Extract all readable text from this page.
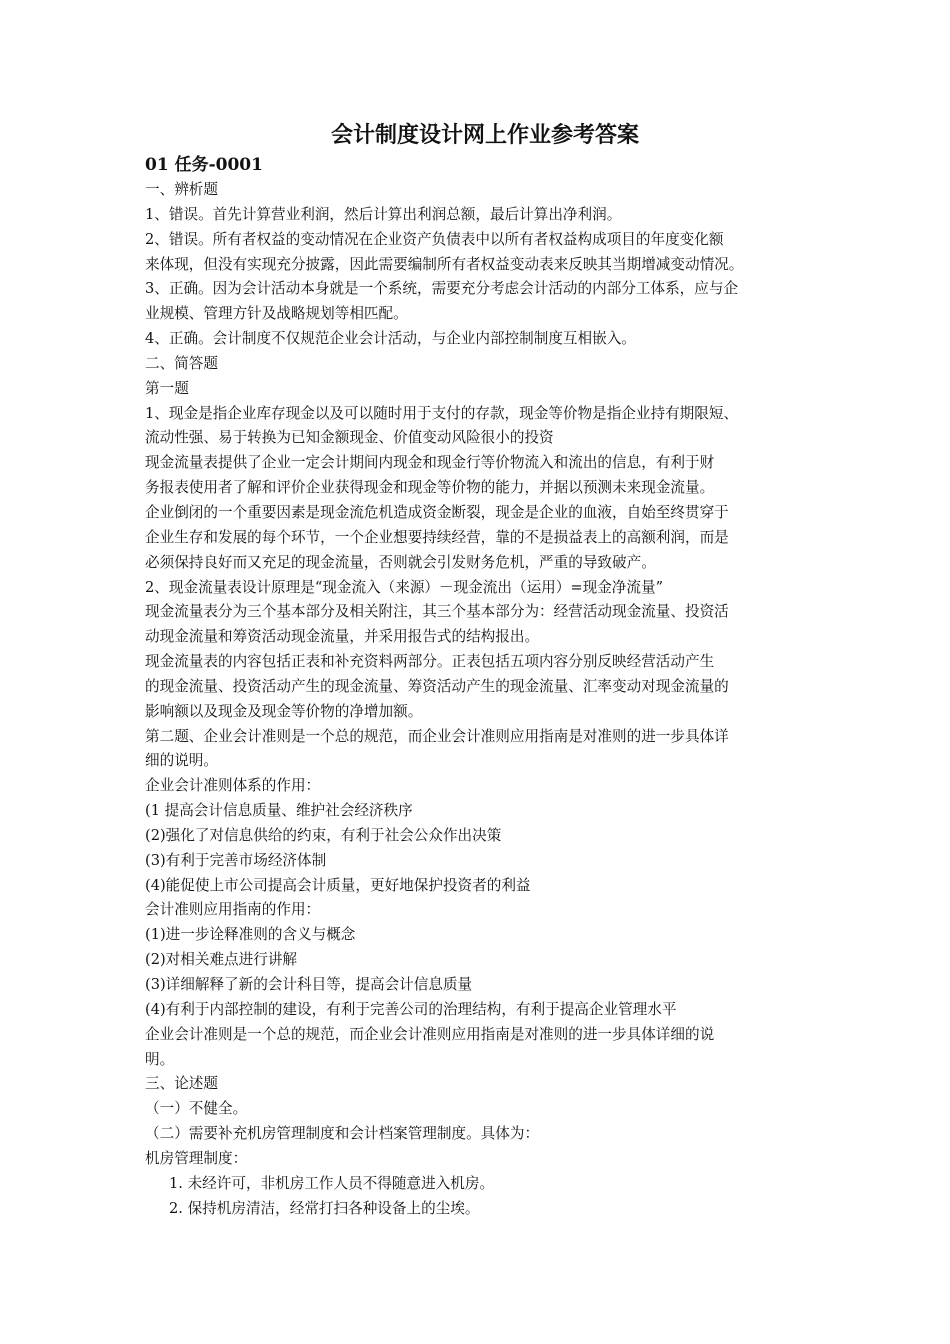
会计制度设计网上作业参考答案

01 任务-0001

一、辨析题

1、错误。首先计算营业利润，然后计算出利润总额，最后计算出净利润。

2、错误。所有者权益的变动情况在企业资产负债表中以所有者权益构成项目的年度变化额

来体现，但没有实现充分披露，因此需要编制所有者权益变动表来反映其当期增减变动情况。

3、正确。因为会计活动本身就是一个系统，需要充分考虑会计活动的内部分工体系，应与企

业规模、管理方针及战略规划等相匹配。

4、正确。会计制度不仅规范企业会计活动，与企业内部控制制度互相嵌入。

二、简答题

第一题

1、现金是指企业库存现金以及可以随时用于支付的存款，现金等价物是指企业持有期限短、

流动性强、易于转换为已知金额现金、价值变动风险很小的投资

现金流量表提供了企业一定会计期间内现金和现金行等价物流入和流出的信息，有利于财

务报表使用者了解和评价企业获得现金和现金等价物的能力，并据以预测未来现金流量。

企业倒闭的一个重要因素是现金流危机造成资金断裂，现金是企业的血液，自始至终贯穿于

企业生存和发展的每个环节，一个企业想要持续经营，靠的不是损益表上的高额利润，而是

必须保持良好而又充足的现金流量，否则就会引发财务危机，严重的导致破产。

2、现金流量表设计原理是“现金流入（来源）－现金流出（运用）=现金净流量”

现金流量表分为三个基本部分及相关附注，其三个基本部分为：经营活动现金流量、投资活

动现金流量和筹资活动现金流量，并采用报告式的结构报出。

现金流量表的内容包括正表和补充资料两部分。正表包括五项内容分别反映经营活动产生

的现金流量、投资活动产生的现金流量、筹资活动产生的现金流量、汇率变动对现金流量的

影响额以及现金及现金等价物的净增加额。

第二题、企业会计准则是一个总的规范，而企业会计准则应用指南是对准则的进一步具体详

细的说明。

企业会计准则体系的作用：

(1 提高会计信息质量、维护社会经济秩序

(2)强化了对信息供给的约束，有利于社会公众作出决策

(3)有利于完善市场经济体制

(4)能促使上市公司提高会计质量，更好地保护投资者的利益

会计准则应用指南的作用：

(1)进一步诠释准则的含义与概念

(2)对相关难点进行讲解

(3)详细解释了新的会计科目等，提高会计信息质量

(4)有利于内部控制的建设，有利于完善公司的治理结构，有利于提高企业管理水平

企业会计准则是一个总的规范，而企业会计准则应用指南是对准则的进一步具体详细的说

明。

三、论述题

（一）不健全。

（二）需要补充机房管理制度和会计档案管理制度。具体为：

机房管理制度：

1. 未经许可，非机房工作人员不得随意进入机房。

2. 保持机房清洁，经常打扫各种设备上的尘埃。
